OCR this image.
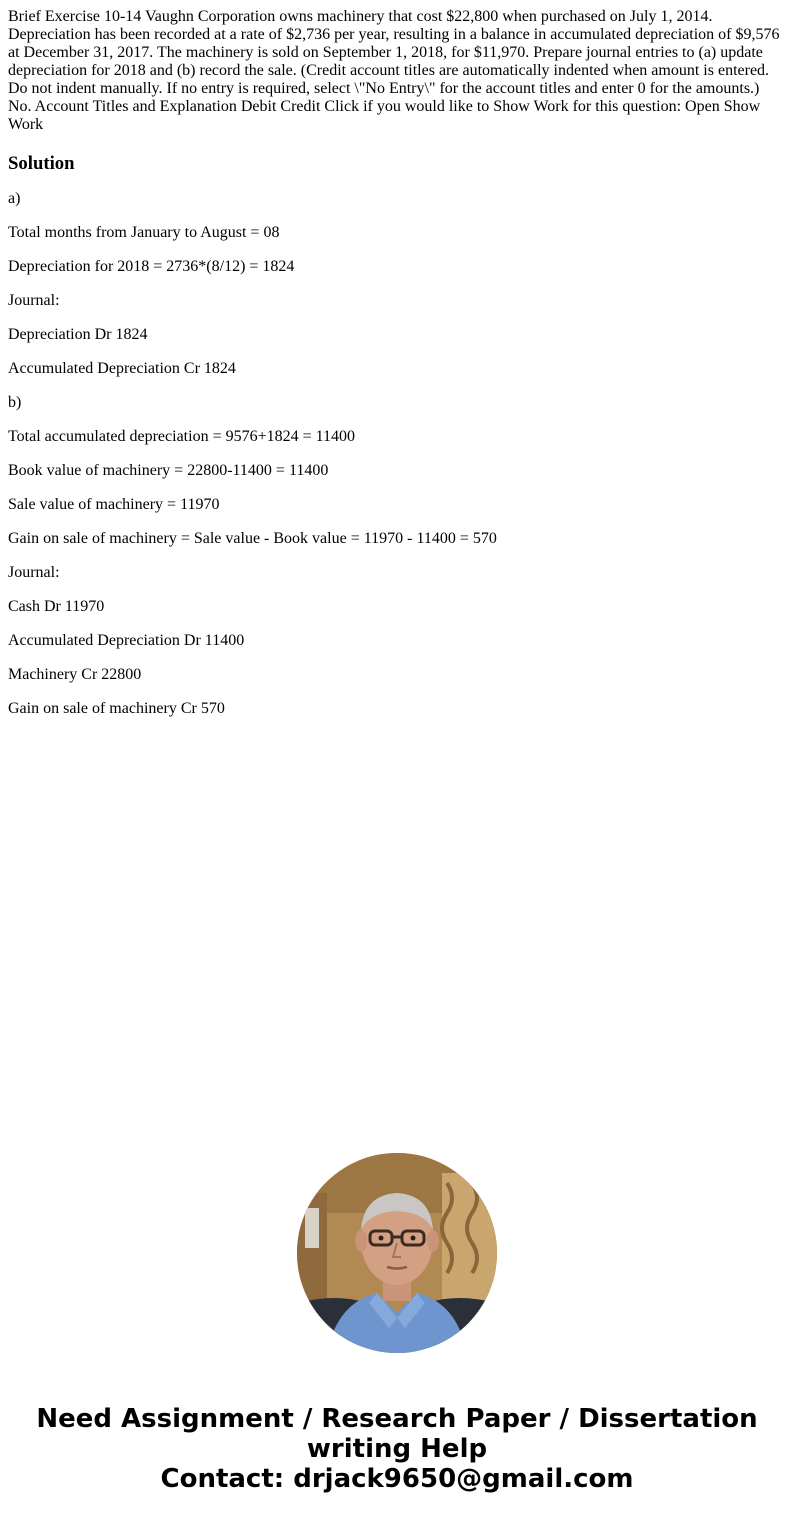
Brief Exercise 10-14 Vaughn Corporation owns machinery that cost $22,800 when purchased on July 1, 2014. Depreciation has been recorded at a rate of $2,736 per year, resulting in a balance in accumulated depreciation of $9,576 at December 31, 2017. The machinery is sold on September 1, 2018, for $11,970. Prepare journal entries to (a) update depreciation for 2018 and (b) record the sale. (Credit account titles are automatically indented when amount is entered. Do not indent manually. If no entry is required, select \"No Entry\" for the account titles and enter 0 for the amounts.) No. Account Titles and Explanation Debit Credit Click if you would like to Show Work for this question: Open Show Work

Solution

a)

Total months from January to August = 08

Depreciation for 2018 = 2736*(8/12) = 1824

Journal:

Depreciation Dr 1824

Accumulated Depreciation Cr 1824

b)

Total accumulated depreciation = 9576+1824 = 11400

Book value of machinery = 22800-11400 = 11400

Sale value of machinery = 11970

Gain on sale of machinery = Sale value - Book value = 11970 - 11400 = 570

Journal:

Cash Dr 11970

Accumulated Depreciation Dr 11400

Machinery Cr 22800

Gain on sale of machinery Cr 570

Need Assignment / Research Paper / Dissertation
writing Help
Contact: drjack9650@gmail.com
